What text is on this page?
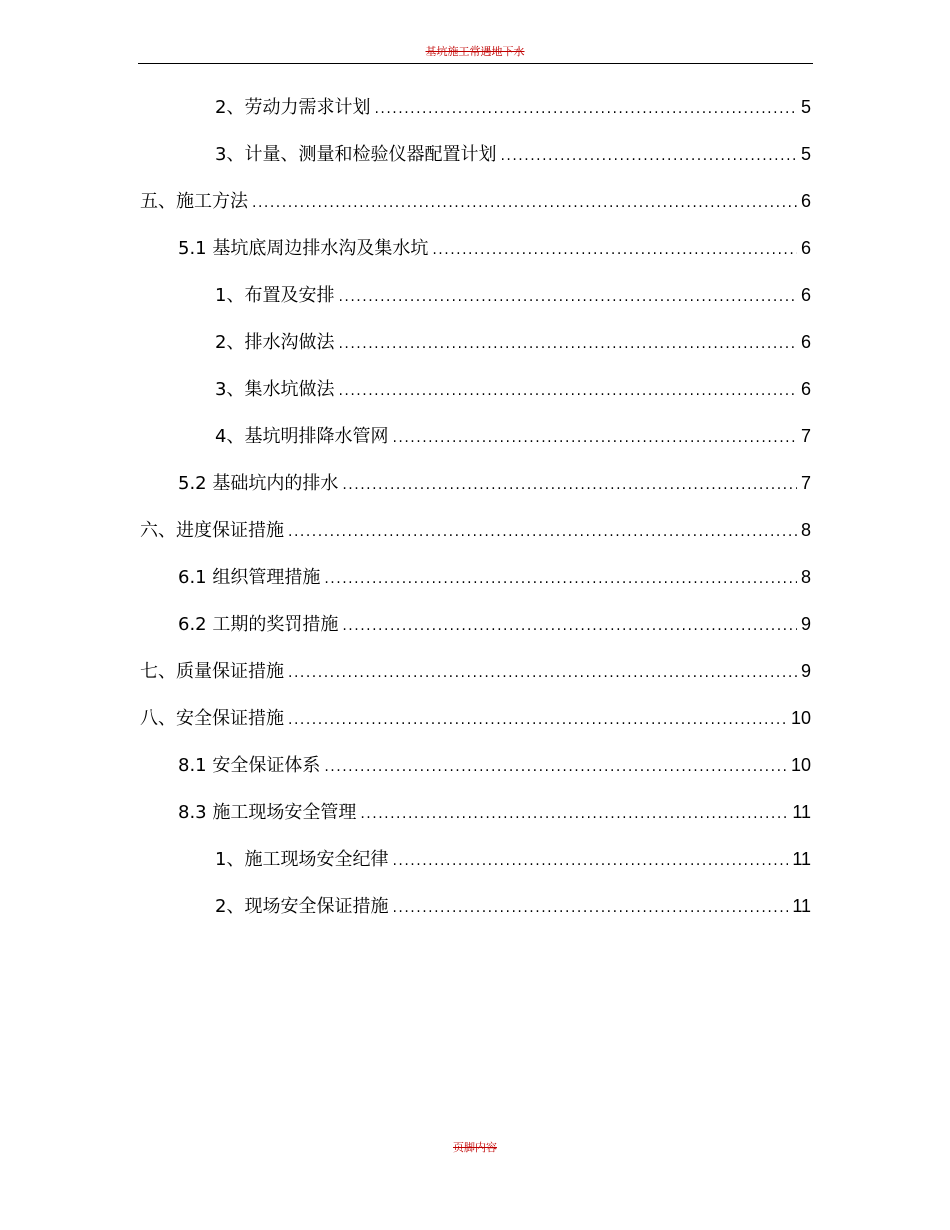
基坑施工常遇地下水
2、劳动力需求计划 .....	5
3、计量、测量和检验仪器配置计划 .....	5
五、施工方法 .....	6
5.1 基坑底周边排水沟及集水坑 .....	6
1、布置及安排 .....	6
2、排水沟做法 .....	6
3、集水坑做法 .....	6
4、基坑明排降水管网 .....	7
5.2 基础坑内的排水 .....	7
六、进度保证措施 .....	8
6.1 组织管理措施 .....	8
6.2 工期的奖罚措施 .....	9
七、质量保证措施 .....	9
八、安全保证措施 .....	10
8.1 安全保证体系 .....	10
8.3 施工现场安全管理 .....	11
1、施工现场安全纪律 .....	11
2、现场安全保证措施 .....	11
页脚内容
